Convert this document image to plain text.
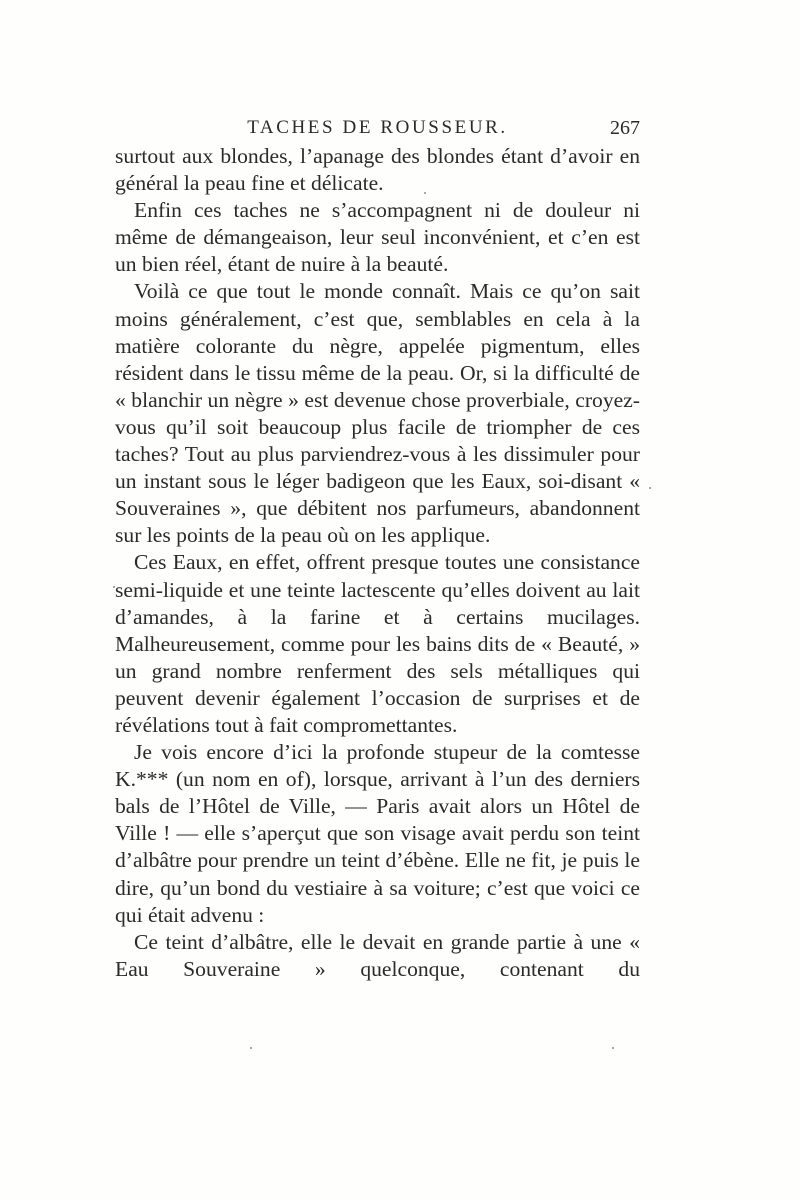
TACHES DE ROUSSEUR.	267

surtout aux blondes, l’apanage des blondes étant d’avoir en général la peau fine et délicate.

Enfin ces taches ne s’accompagnent ni de douleur ni même de démangeaison, leur seul inconvénient, et c’en est un bien réel, étant de nuire à la beauté.

Voilà ce que tout le monde connaît. Mais ce qu’on sait moins généralement, c’est que, semblables en cela à la matière colorante du nègre, appelée pigmentum, elles résident dans le tissu même de la peau. Or, si la difficulté de « blanchir un nègre » est devenue chose proverbiale, croyez-vous qu’il soit beaucoup plus facile de triompher de ces taches? Tout au plus parviendrez-vous à les dissimuler pour un instant sous le léger badigeon que les Eaux, soi-disant « Souveraines », que débitent nos parfumeurs, abandonnent sur les points de la peau où on les applique.

Ces Eaux, en effet, offrent presque toutes une consistance semi-liquide et une teinte lactescente qu’elles doivent au lait d’amandes, à la farine et à certains mucilages. Malheureusement, comme pour les bains dits de « Beauté, » un grand nombre renferment des sels métalliques qui peuvent devenir également l’occasion de surprises et de révélations tout à fait compromettantes.

Je vois encore d’ici la profonde stupeur de la comtesse K.*** (un nom en of), lorsque, arrivant à l’un des derniers bals de l’Hôtel de Ville, — Paris avait alors un Hôtel de Ville ! — elle s’aperçut que son visage avait perdu son teint d’albâtre pour prendre un teint d’ébène. Elle ne fit, je puis le dire, qu’un bond du vestiaire à sa voiture; c’est que voici ce qui était advenu :

Ce teint d’albâtre, elle le devait en grande partie à une « Eau Souveraine » quelconque, contenant du
